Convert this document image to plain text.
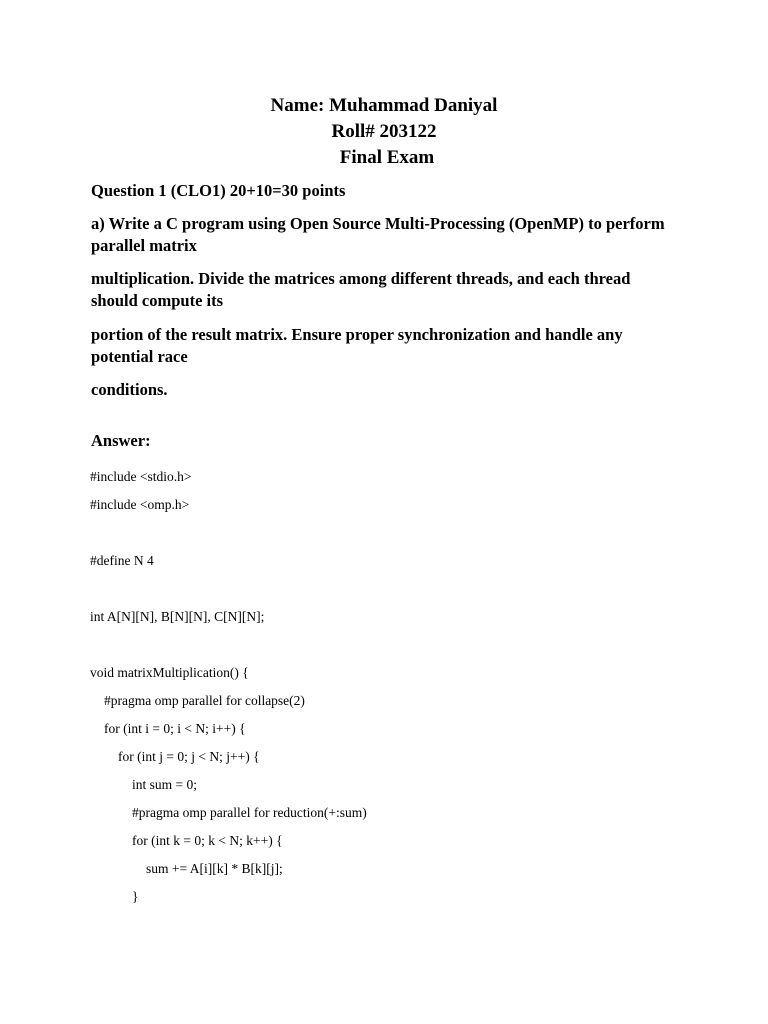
Name: Muhammad Daniyal
Roll# 203122
Final Exam
Question 1 (CLO1) 20+10=30 points
a) Write a C program using Open Source Multi-Processing (OpenMP) to perform parallel matrix
multiplication. Divide the matrices among different threads, and each thread should compute its
portion of the result matrix. Ensure proper synchronization and handle any potential race
conditions.
Answer:
#include <stdio.h>
#include <omp.h>
#define N 4
int A[N][N], B[N][N], C[N][N];
void matrixMultiplication() {
#pragma omp parallel for collapse(2)
for (int i = 0; i < N; i++) {
for (int j = 0; j < N; j++) {
int sum = 0;
#pragma omp parallel for reduction(+:sum)
for (int k = 0; k < N; k++) {
sum += A[i][k] * B[k][j];
}
